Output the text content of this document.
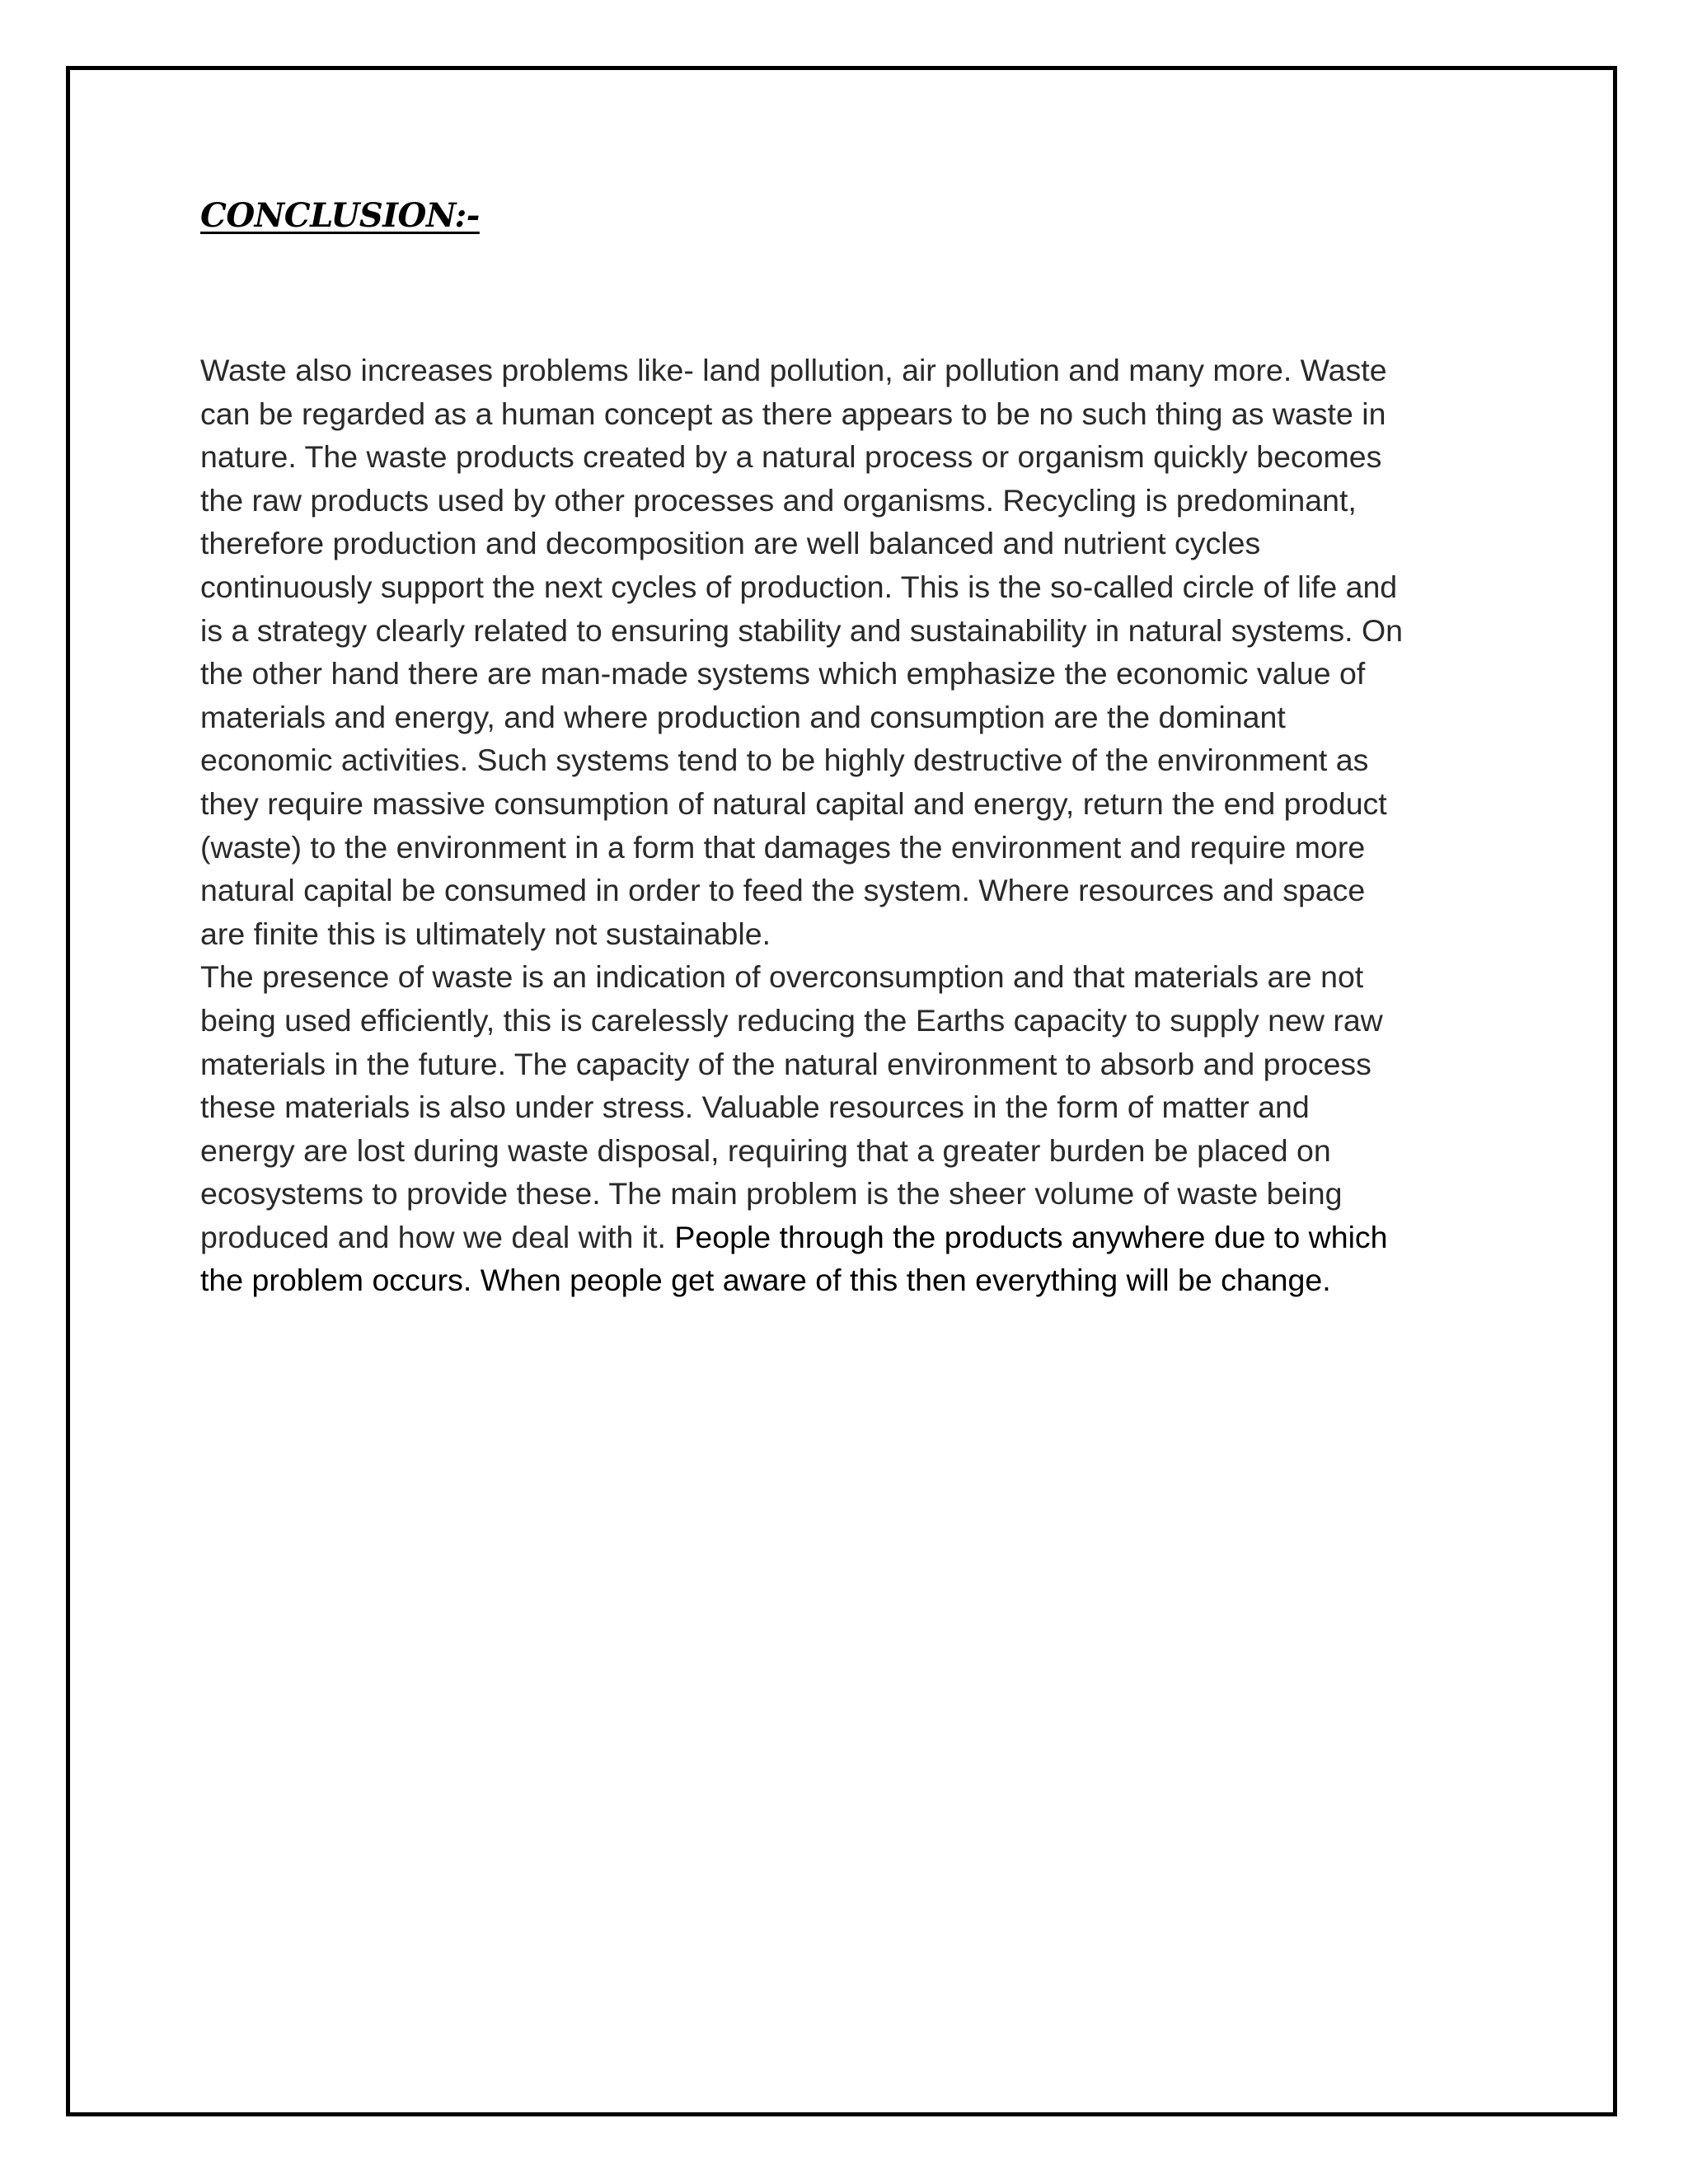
CONCLUSION:-
Waste also increases problems like- land pollution, air pollution and many more. Waste
can be regarded as a human concept as there appears to be no such thing as waste in
nature. The waste products created by a natural process or organism quickly becomes
the raw products used by other processes and organisms. Recycling is predominant,
therefore production and decomposition are well balanced and nutrient cycles
continuously support the next cycles of production. This is the so-called circle of life and
is a strategy clearly related to ensuring stability and sustainability in natural systems. On
the other hand there are man-made systems which emphasize the economic value of
materials and energy, and where production and consumption are the dominant
economic activities. Such systems tend to be highly destructive of the environment as
they require massive consumption of natural capital and energy, return the end product
(waste) to the environment in a form that damages the environment and require more
natural capital be consumed in order to feed the system. Where resources and space
are finite this is ultimately not sustainable.
The presence of waste is an indication of overconsumption and that materials are not
being used efficiently, this is carelessly reducing the Earths capacity to supply new raw
materials in the future. The capacity of the natural environment to absorb and process
these materials is also under stress. Valuable resources in the form of matter and
energy are lost during waste disposal, requiring that a greater burden be placed on
ecosystems to provide these. The main problem is the sheer volume of waste being
produced and how we deal with it. People through the products anywhere due to which
the problem occurs. When people get aware of this then everything will be change.
